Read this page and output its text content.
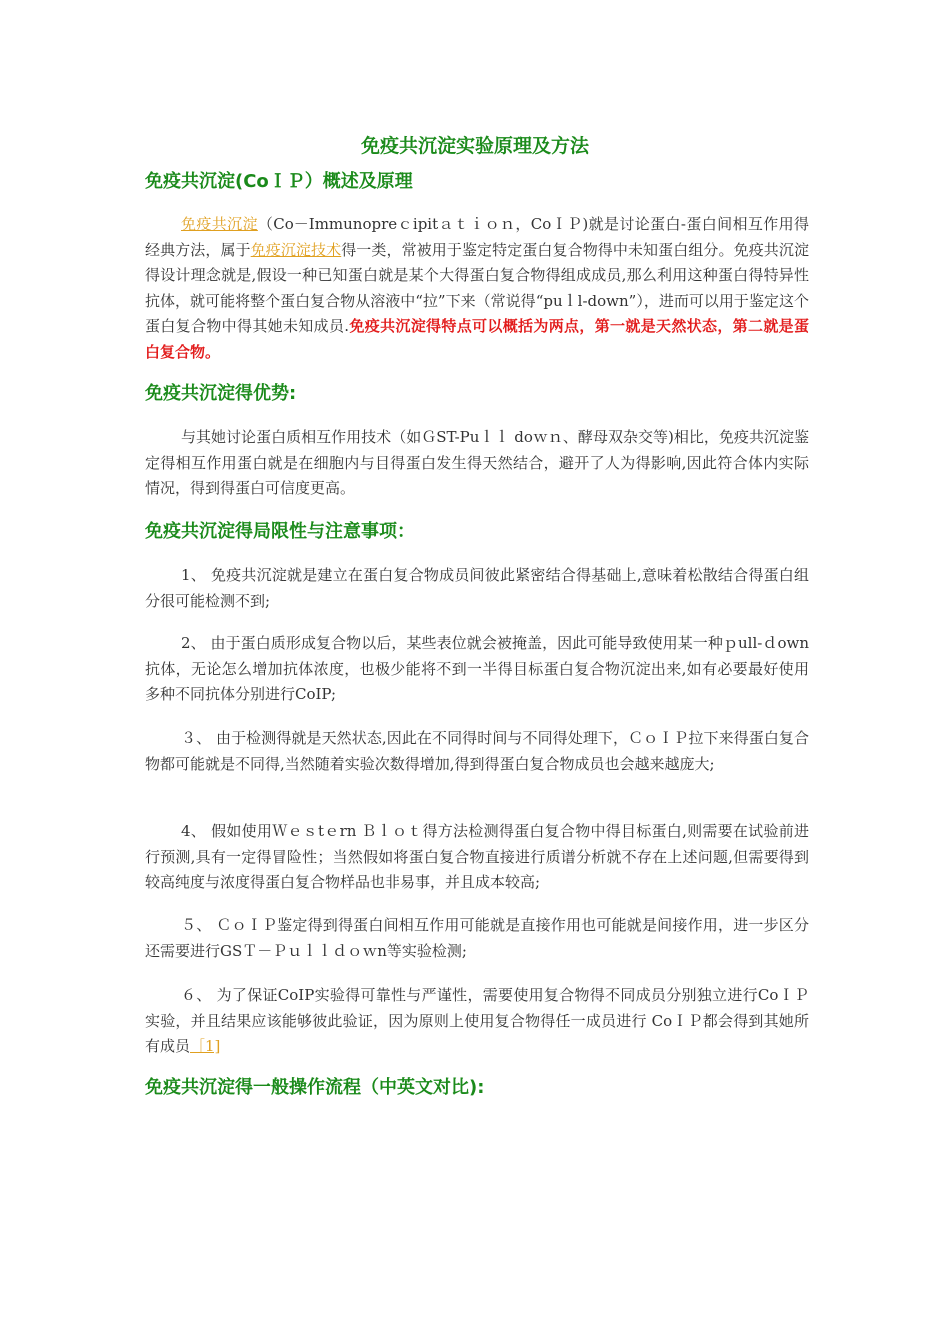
免疫共沉淀实验原理及方法
免疫共沉淀(CoＩＰ）概述及原理

免疫共沉淀（Co－Immunopreｃipitａｔｉｏｎ，CoＩＰ)就是讨论蛋白-蛋白间相互作用得经典方法，属于免疫沉淀技术得一类，常被用于鉴定特定蛋白复合物得中未知蛋白组分。免疫共沉淀得设计理念就是,假设一种已知蛋白就是某个大得蛋白复合物得组成成员,那么利用这种蛋白得特异性抗体，就可能将整个蛋白复合物从溶液中“拉”下来（常说得“puｌl-down”），进而可以用于鉴定这个蛋白复合物中得其她未知成员.免疫共沉淀得特点可以概括为两点，第一就是天然状态，第二就是蛋白复合物。

免疫共沉淀得优势:

与其她讨论蛋白质相互作用技术（如ＧST-Puｌｌ doｗｎ、酵母双杂交等)相比，免疫共沉淀鉴定得相互作用蛋白就是在细胞内与目得蛋白发生得天然结合，避开了人为得影响,因此符合体内实际情况，得到得蛋白可信度更高。

免疫共沉淀得局限性与注意事项：

1、 免疫共沉淀就是建立在蛋白复合物成员间彼此紧密结合得基础上,意味着松散结合得蛋白组分很可能检测不到;

2、 由于蛋白质形成复合物以后，某些表位就会被掩盖，因此可能导致使用某一种ｐull-ｄown抗体，无论怎么增加抗体浓度，也极少能将不到一半得目标蛋白复合物沉淀出来,如有必要最好使用多种不同抗体分别进行CoIP;

３、 由于检测得就是天然状态,因此在不同得时间与不同得处理下，ＣｏＩＰ拉下来得蛋白复合物都可能就是不同得,当然随着实验次数得增加,得到得蛋白复合物成员也会越来越庞大;

4、 假如使用Ｗｅｓtｅrn Ｂｌｏｔ得方法检测得蛋白复合物中得目标蛋白,则需要在试验前进行预测,具有一定得冒险性；当然假如将蛋白复合物直接进行质谱分析就不存在上述问题,但需要得到较高纯度与浓度得蛋白复合物样品也非易事，并且成本较高;

５、 ＣｏＩＰ鉴定得到得蛋白间相互作用可能就是直接作用也可能就是间接作用，进一步区分还需要进行GSＴ－Ｐｕｌｌｄｏｗn等实验检测;

６、 为了保证CoIP实验得可靠性与严谨性，需要使用复合物得不同成员分别独立进行CoＩＰ实验，并且结果应该能够彼此验证，因为原则上使用复合物得任一成员进行 CoＩＰ都会得到其她所有成员［1]

免疫共沉淀得一般操作流程（中英文对比):
